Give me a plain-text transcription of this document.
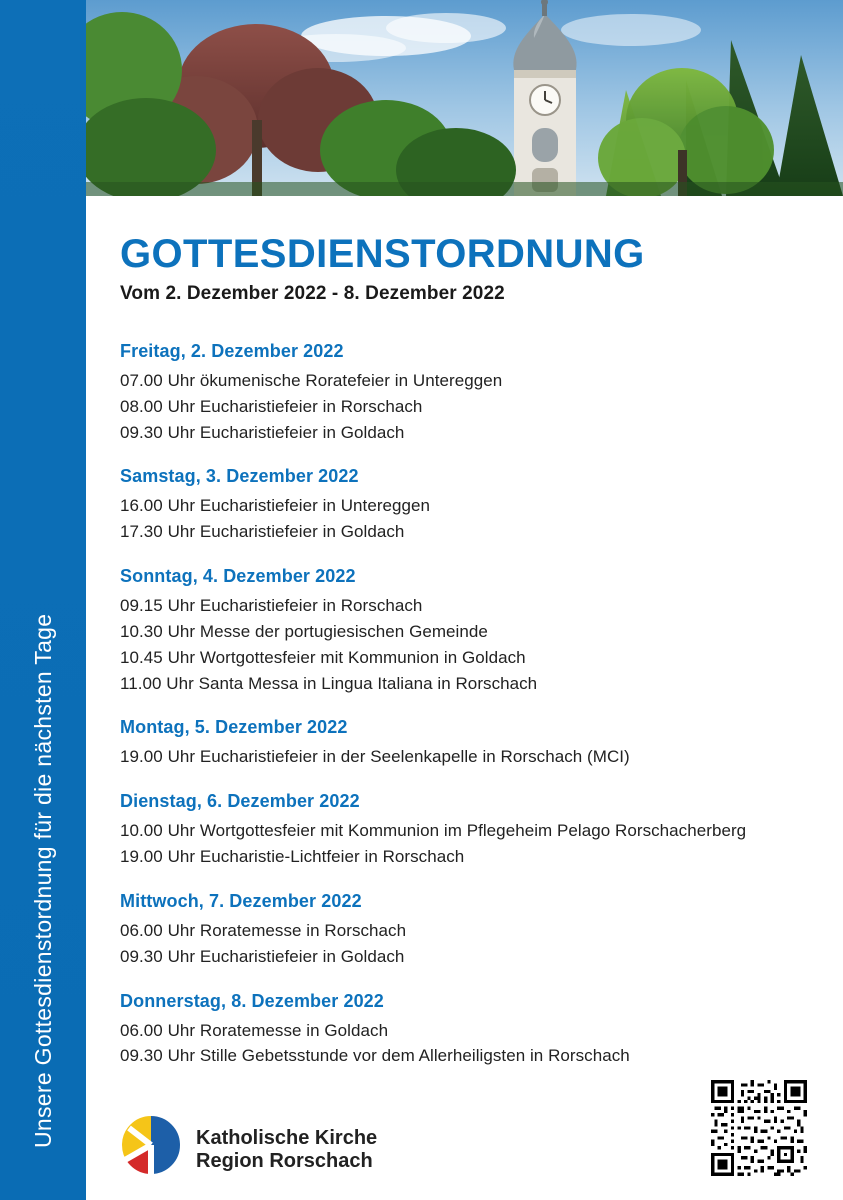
Unsere Gottesdienstordnung für die nächsten Tage
GOTTESDIENSTORDNUNG
Vom 2. Dezember 2022 - 8. Dezember 2022
Freitag, 2. Dezember 2022

07.00 Uhr ökumenische Roratefeier in Untereggen

08.00 Uhr Eucharistiefeier in Rorschach

09.30 Uhr Eucharistiefeier in Goldach

Samstag, 3. Dezember 2022

16.00 Uhr Eucharistiefeier in Untereggen

17.30 Uhr Eucharistiefeier in Goldach

Sonntag, 4. Dezember 2022

09.15 Uhr Eucharistiefeier in Rorschach

10.30 Uhr Messe der portugiesischen Gemeinde

10.45 Uhr Wortgottesfeier mit Kommunion in Goldach

11.00 Uhr Santa Messa in Lingua Italiana in Rorschach

Montag, 5. Dezember 2022

19.00 Uhr Eucharistiefeier in der Seelenkapelle in Rorschach (MCI)

Dienstag, 6. Dezember 2022

10.00 Uhr Wortgottesfeier mit Kommunion im Pflegeheim Pelago Rorschacherberg

19.00 Uhr Eucharistie-Lichtfeier in Rorschach

Mittwoch, 7. Dezember 2022

06.00 Uhr Roratemesse in Rorschach

09.30 Uhr Eucharistiefeier in Goldach

Donnerstag, 8. Dezember 2022

06.00 Uhr Roratemesse in Goldach

09.30 Uhr Stille Gebetsstunde vor dem Allerheiligsten in Rorschach

Katholische Kirche
Region Rorschach
